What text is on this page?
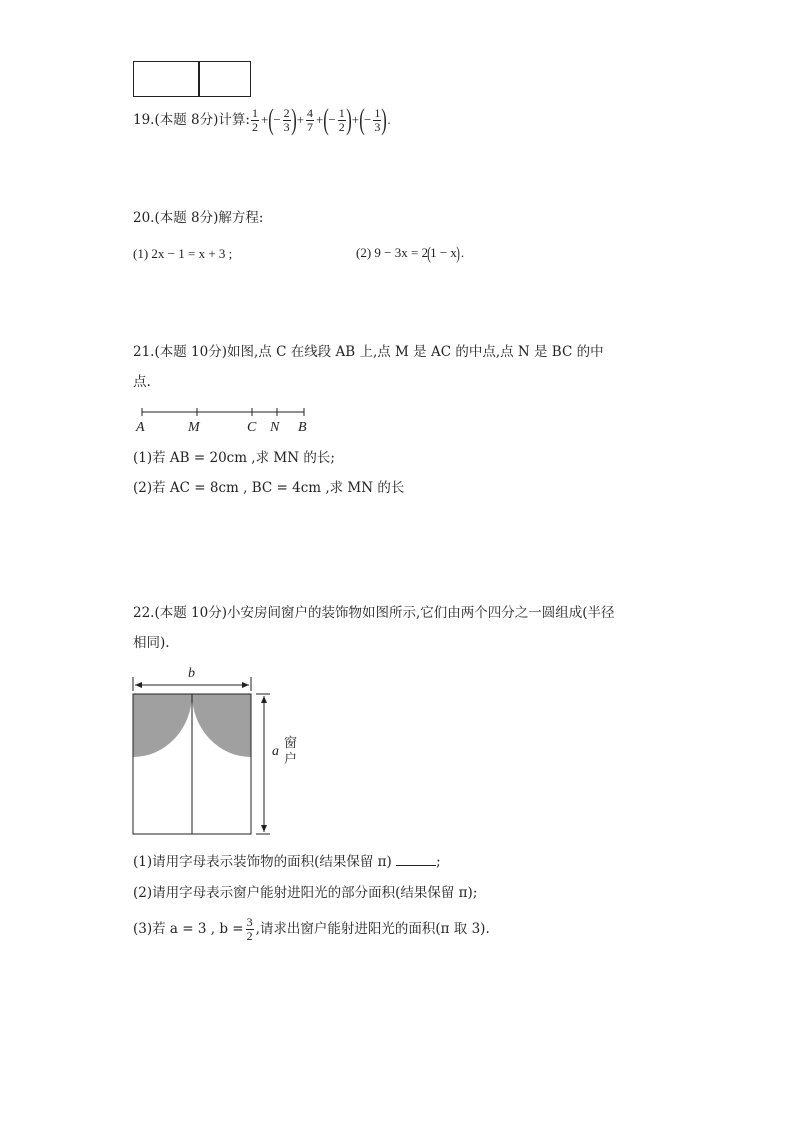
19. (本题 8分) 计算: $\frac{1}{2}$ + ( − $\frac{2}{3}$ ) + $\frac{4}{7}$ + ( − $\frac{1}{2}$ ) + ( − $\frac{1}{3}$ ) .
20.(本题 8分)解方程:
(1) 2x − 1 = x + 3 ;	(2) 9 − 3x = 2 ( 1 − x ) .
21.(本题 10分)如图,点 C 在线段 AB 上,点 M 是 AC 的中点,点 N 是 BC 的中
点.
A	M	C N B
(1)若 AB = 20cm ,求 MN 的长;
(2)若 AC = 8cm , BC = 4cm ,求 MN 的长
22.(本题 10分)小安房间窗户的装饰物如图所示,它们由两个四分之一圆组成(半径
相同).
b
a
窗
户
(1)请用字母表示装饰物的面积(结果保留 π)	;
(2)请用字母表示窗户能射进阳光的部分面积(结果保留 π);
(3)若 a = 3 , $b = \frac{3}{2}$ ,请求出窗户能射进阳光的面积(π 取 3).
